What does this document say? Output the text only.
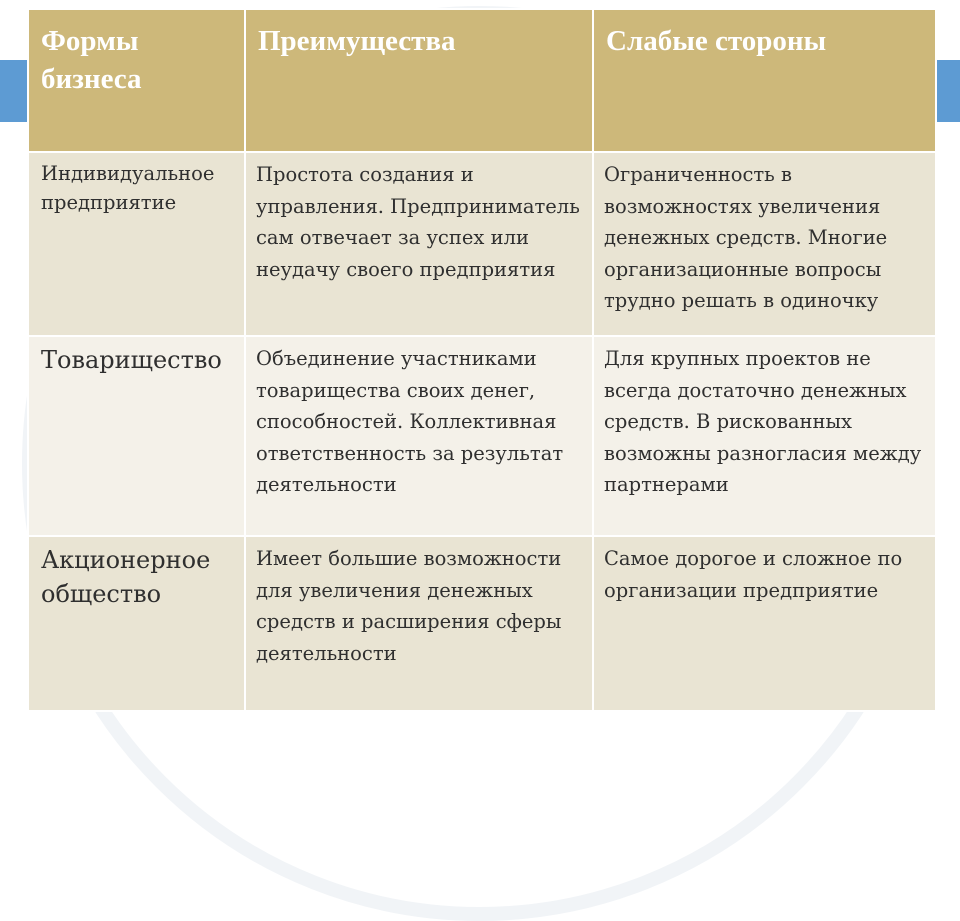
Формы бизнеса	Преимущества	Слабые стороны
Индивидуальное предприятие	Простота создания и управления. Предприниматель сам отвечает за успех или неудачу своего предприятия	Ограниченность в возможностях увеличения денежных средств. Многие организационные вопросы трудно решать в одиночку
Товарищество	Объединение участниками товарищества своих денег, способностей. Коллективная ответственность за результат деятельности	Для крупных проектов не всегда достаточно денежных средств. В рискованных возможны разногласия между партнерами
Акционерное общество	Имеет большие возможности для увеличения денежных средств и расширения сферы деятельности	Самое дорогое и сложное по организации предприятие
